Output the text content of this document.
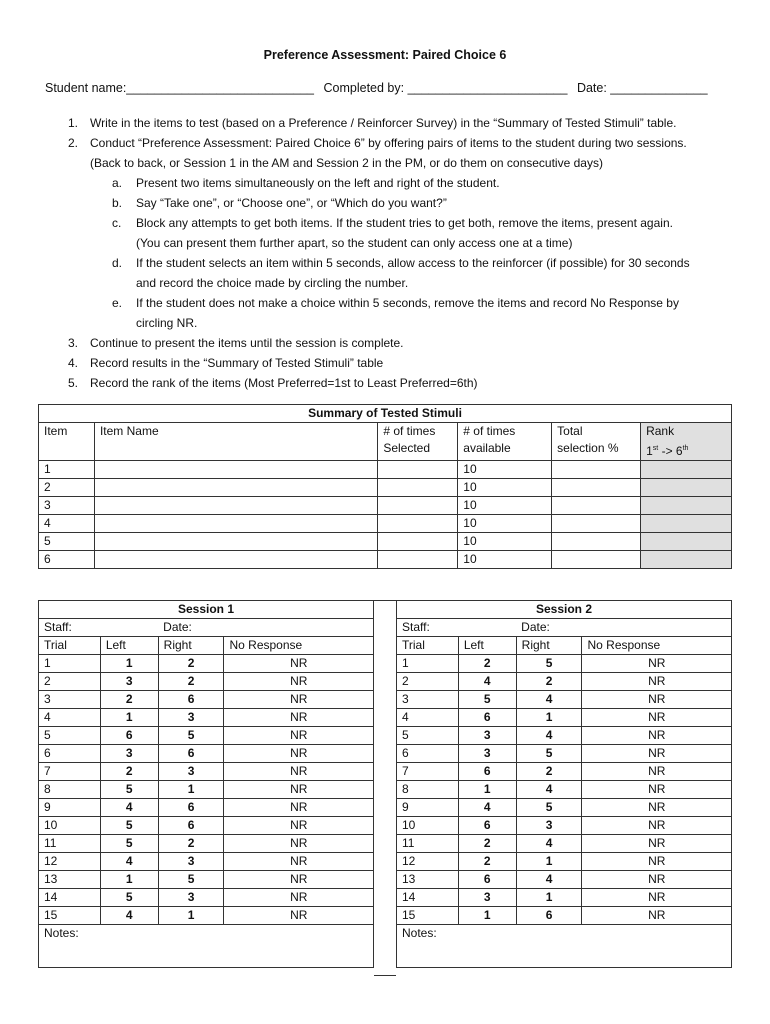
Preference Assessment: Paired Choice 6
Student name:___________________________ Completed by: _______________________ Date: ______________
1. Write in the items to test (based on a Preference / Reinforcer Survey) in the “Summary of Tested Stimuli” table.
2. Conduct “Preference Assessment: Paired Choice 6” by offering pairs of items to the student during two sessions.
(Back to back, or Session 1 in the AM and Session 2 in the PM, or do them on consecutive days)
a. Present two items simultaneously on the left and right of the student.
b. Say “Take one”, or “Choose one”, or “Which do you want?”
c. Block any attempts to get both items. If the student tries to get both, remove the items, present again.
(You can present them further apart, so the student can only access one at a time)
d. If the student selects an item within 5 seconds, allow access to the reinforcer (if possible) for 30 seconds
and record the choice made by circling the number.
e. If the student does not make a choice within 5 seconds, remove the items and record No Response by
circling NR.
3. Continue to present the items until the session is complete.
4. Record results in the “Summary of Tested Stimuli” table
5. Record the rank of the items (Most Preferred=1st to Least Preferred=6th)
Summary of Tested Stimuli					
Item	Item Name	# of times	# of times	Total	Rank
		Selected	available	selection %	1st -> 6th
1			10		
2			10		
3			10		
4			10		
5			10		
6			10		
Session 1			
Staff:		Date:	
Trial	Left	Right	No Response
1	1	2	NR
2	3	2	NR
3	2	6	NR
4	1	3	NR
5	6	5	NR
6	3	6	NR
7	2	3	NR
8	5	1	NR
9	4	6	NR
10	5	6	NR
11	5	2	NR
12	4	3	NR
13	1	5	NR
14	5	3	NR
15	4	1	NR
Notes:			
Session 2			
Staff:		Date:	
Trial	Left	Right	No Response
1	2	5	NR
2	4	2	NR
3	5	4	NR
4	6	1	NR
5	3	4	NR
6	3	5	NR
7	6	2	NR
8	1	4	NR
9	4	5	NR
10	6	3	NR
11	2	4	NR
12	2	1	NR
13	6	4	NR
14	3	1	NR
15	1	6	NR
Notes:			
